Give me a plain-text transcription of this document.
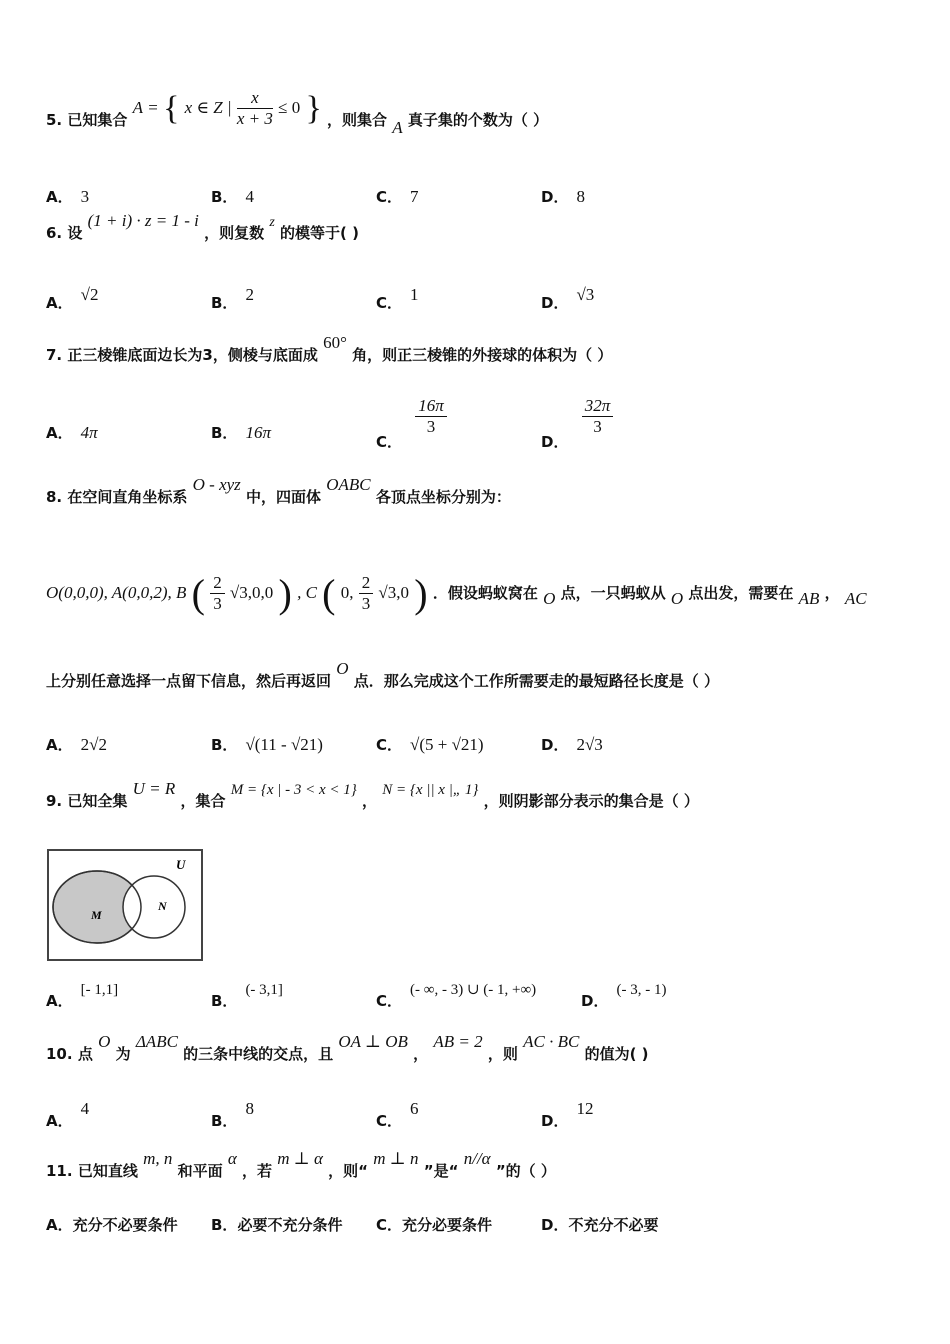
5. 已知集合 A = { x ∈ Z | $\frac{x}{x + 3} \le 0$ } ，则集合 A 真子集的个数为（ ）
A． 3	B． 4	C． 7	D． 8
6. 设 (1 + i) · z = 1 - i ，则复数 z 的模等于( )
A． √2	B． 2	C． 1	D． √3
7. 正三棱锥底面边长为3，侧棱与底面成 60° 角，则正三棱锥的外接球的体积为（ ）
A． 4π	B． 16π	C．
$\frac{16\pi}{3}$
D．
$\frac{32\pi}{3}$
8. 在空间直角坐标系 O - xyz 中，四面体 OABC 各顶点坐标分别为：
O(0,0,0), A(0,0,2), B ( $\frac{2}{3} √3,0,0$ ) , C ( 0, $\frac{2}{3} √3,0$ ) ．假设蚂蚁窝在 O 点，一只蚂蚁从 O 点出发，需要在 AB ， AC
上分别任意选择一点留下信息，然后再返回 O 点．那么完成这个工作所需要走的最短路径长度是（ ）
A． 2√2	B． √(11 - √21)	C． √(5 + √21)	D． 2√3
9. 已知全集 U = R ，集合 M = {x | - 3 < x < 1} ， N = {x || x |„ 1} ，则阴影部分表示的集合是（ ）
U
M
N
A．[- 1,1]
B．(- 3,1]
C．(- ∞, - 3) ∪ (- 1, +∞)
D．(- 3, - 1)
10. 点 O 为 ΔABC 的三条中线的交点，且 OA ⊥ OB ， AB = 2 ，则 AC · BC 的值为( )
A．4
B．8
C．6
D．12
11. 已知直线 m, n 和平面 α ，若 m ⊥ α ，则“ m ⊥ n ”是“ n//α ”的（ ）
A．充分不必要条件 B．必要不充分条件 C．充分必要条件	D．不充分不必要
